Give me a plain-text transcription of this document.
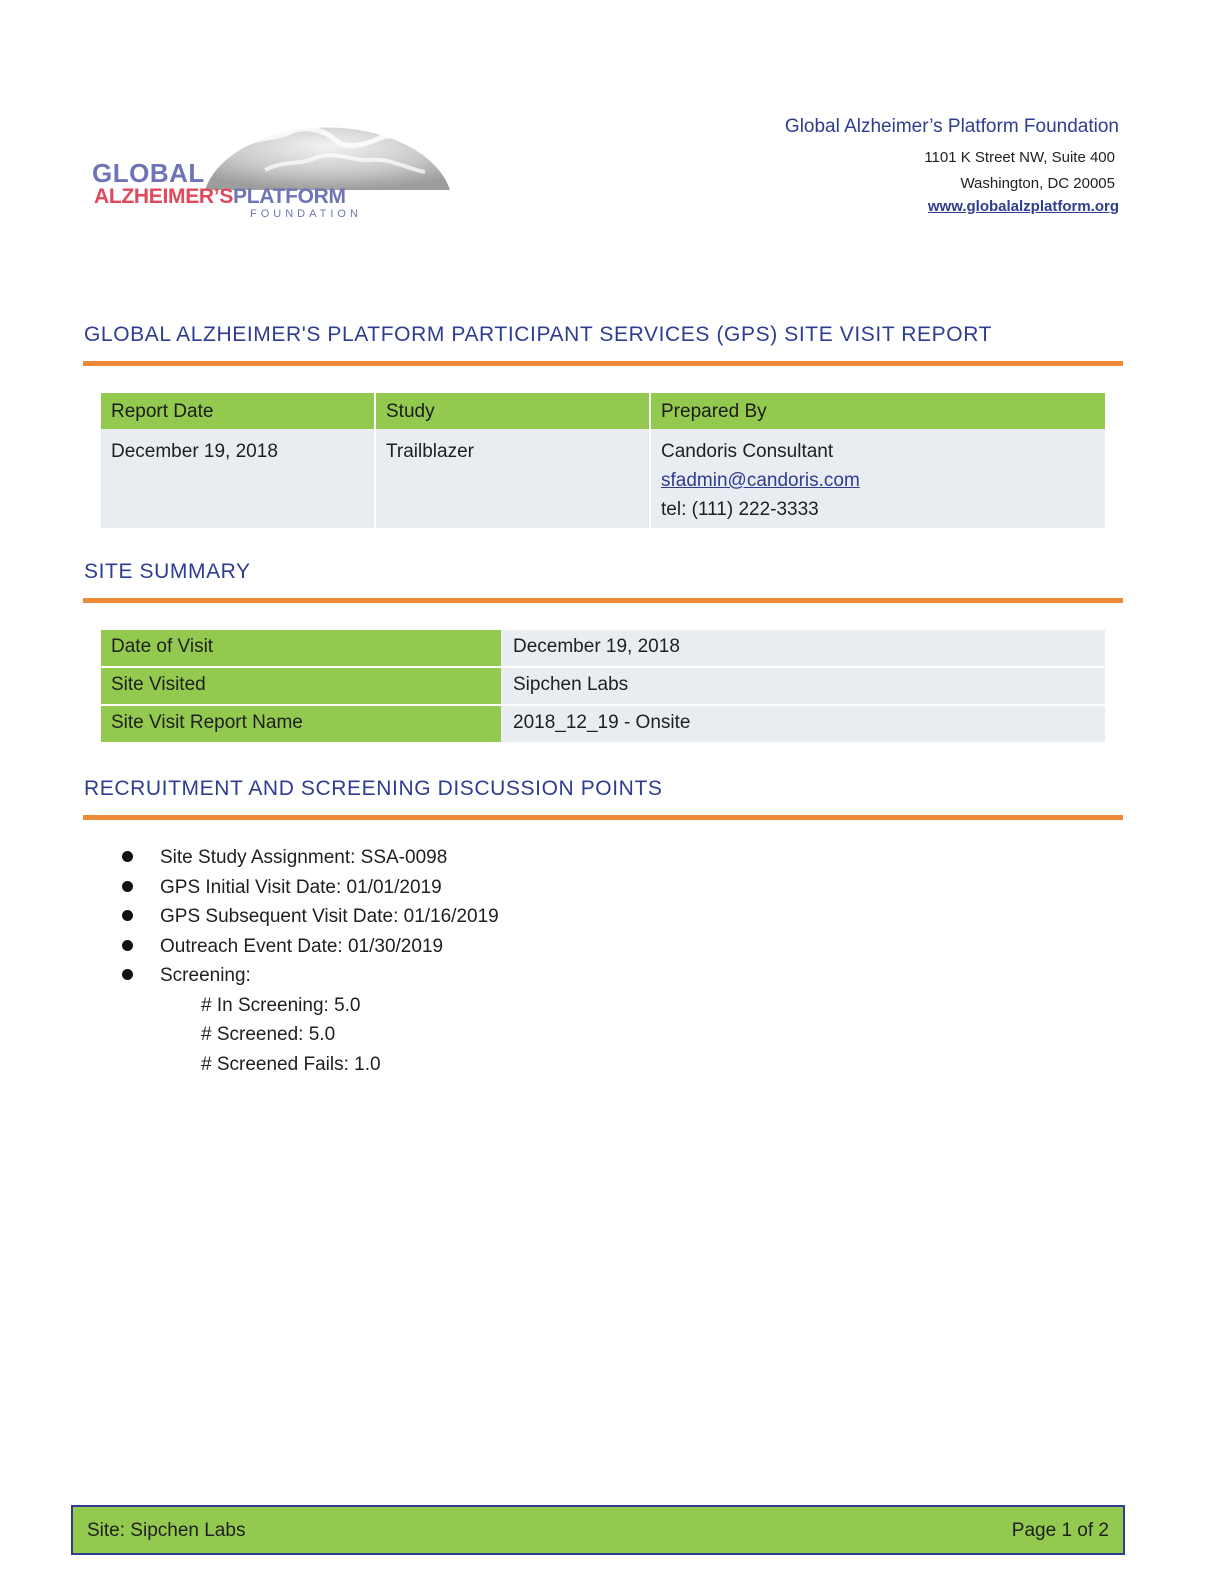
GLOBAL
ALZHEIMER’SPLATFORM
FOUNDATION
Global Alzheimer’s Platform Foundation
1101 K Street NW, Suite 400
Washington, DC 20005
www.globalalzplatform.org
GLOBAL ALZHEIMER'S PLATFORM PARTICIPANT SERVICES (GPS) SITE VISIT REPORT
Report Date	Study	Prepared By
December 19, 2018	Trailblazer	Candoris Consultant
sfadmin@candoris.com
tel: (111) 222-3333
SITE SUMMARY
Date of Visit	December 19, 2018
Site Visited	Sipchen Labs
Site Visit Report Name	2018_12_19 - Onsite
RECRUITMENT AND SCREENING DISCUSSION POINTS
Site Study Assignment: SSA-0098
GPS Initial Visit Date: 01/01/2019
GPS Subsequent Visit Date: 01/16/2019
Outreach Event Date: 01/30/2019
Screening:
# In Screening: 5.0
# Screened: 5.0
# Screened Fails: 1.0
Site: Sipchen Labs	Page 1 of 2
